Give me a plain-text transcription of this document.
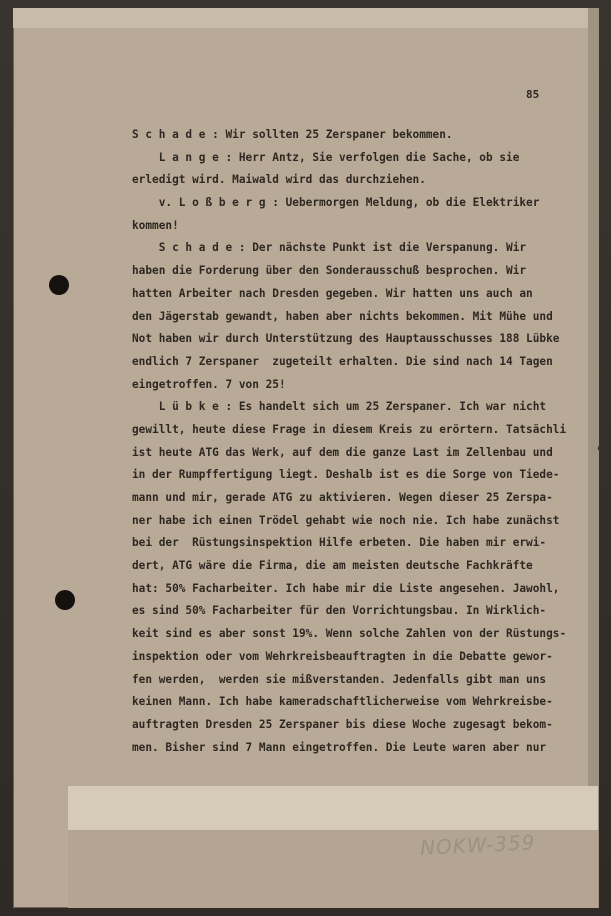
85
S c h a d e : Wir sollten 25 Zerspaner bekommen.
L a n g e : Herr Antz, Sie verfolgen die Sache, ob sie
erledigt wird. Maiwald wird das durchziehen.
v. L o ß b e r g : Uebermorgen Meldung, ob die Elektriker
kommen!
S c h a d e : Der nächste Punkt ist die Verspanung. Wir
haben die Forderung über den Sonderausschuß besprochen. Wir
hatten Arbeiter nach Dresden gegeben. Wir hatten uns auch an
den Jägerstab gewandt, haben aber nichts bekommen. Mit Mühe und
Not haben wir durch Unterstützung des Hauptausschusses 188 Lübke
endlich 7 Zerspaner  zugeteilt erhalten. Die sind nach 14 Tagen
eingetroffen. 7 von 25!
L ü b k e : Es handelt sich um 25 Zerspaner. Ich war nicht
gewillt, heute diese Frage in diesem Kreis zu erörtern. Tatsächli
ist heute ATG das Werk, auf dem die ganze Last im Zellenbau und
in der Rumpffertigung liegt. Deshalb ist es die Sorge von Tiede-
mann und mir, gerade ATG zu aktivieren. Wegen dieser 25 Zerspa-
ner habe ich einen Trödel gehabt wie noch nie. Ich habe zunächst
bei der  Rüstungsinspektion Hilfe erbeten. Die haben mir erwi-
dert, ATG wäre die Firma, die am meisten deutsche Fachkräfte
hat: 50% Facharbeiter. Ich habe mir die Liste angesehen. Jawohl,
es sind 50% Facharbeiter für den Vorrichtungsbau. In Wirklich-
keit sind es aber sonst 19%. Wenn solche Zahlen von der Rüstungs-
inspektion oder vom Wehrkreisbeauftragten in die Debatte gewor-
fen werden,  werden sie mißverstanden. Jedenfalls gibt man uns
keinen Mann. Ich habe kameradschaftlicherweise vom Wehrkreisbe-
auftragten Dresden 25 Zerspaner bis diese Woche zugesagt bekom-
men. Bisher sind 7 Mann eingetroffen. Die Leute waren aber nur
ch
NOKW-359
